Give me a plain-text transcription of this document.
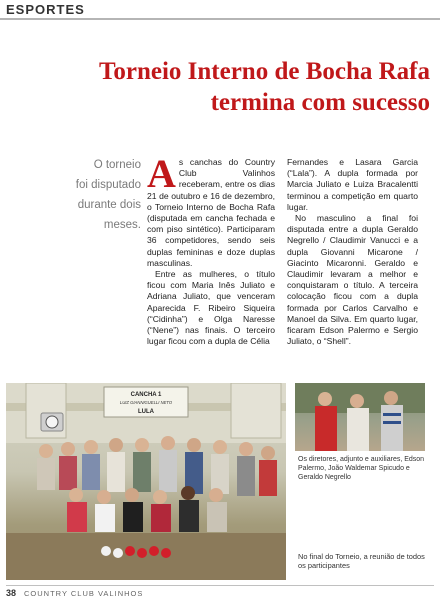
ESPORTES
Torneio Interno de Bocha Rafa
termina com sucesso
O torneio
foi disputado
durante dois meses.

As canchas do Country Club Valinhos receberam, entre os dias 21 de outubro e 16 de dezembro, o Torneio Interno de Bocha Rafa (disputada em cancha fechada e com piso sintético). Participaram 36 competidores, sendo seis duplas femininas e doze duplas masculinas.

Entre as mulheres, o título ficou com Maria Inês Juliato e Adriana Juliato, que venceram Aparecida F. Ribeiro Siqueira (“Cidinha”) e Olga Naresse (“Nene”) nas finais. O terceiro lugar ficou com a dupla de Célia

Fernandes e Lasara Garcia (“Lala”). A dupla formada por Marcia Juliato e Luiza Bracalentti terminou a competição em quarto lugar.

No masculino a final foi disputada entre a dupla Geraldo Negrello / Claudimir Vanucci e a dupla Giovanni Micarone / Giacinto Micaronni. Geraldo e Claudimir levaram a melhor e conquistaram o título. A terceira colocação ficou com a dupla formada por Carlos Carvalho e Manoel da Silva. Em quarto lugar, ficaram Edson Palermo e Sergio Juliato, o “Shell”.

CANCHA 1
LUIZ GIANNIGUELLI NETO
LULA
Os diretores, adjunto e auxiliares, Edson Palermo, João Waldemar Spicudo e Geraldo Negrello
No final do Torneio, a reunião de todos os participantes
38 COUNTRY CLUB VALINHOS
